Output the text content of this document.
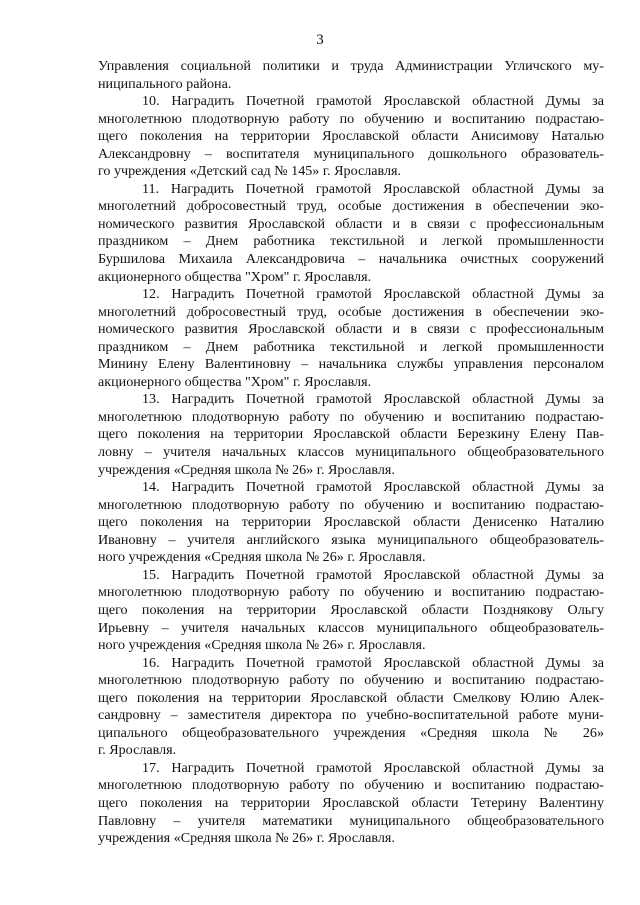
3

Управления социальной политики и труда Администрации Угличского му-
ниципального района.

10. Наградить Почетной грамотой Ярославской областной Думы за
многолетнюю плодотворную работу по обучению и воспитанию подрастаю-
щего поколения на территории Ярославской области Анисимову Наталью
Александровну – воспитателя муниципального дошкольного образователь-
го учреждения «Детский сад № 145» г. Ярославля.

11. Наградить Почетной грамотой Ярославской областной Думы за
многолетний добросовестный труд, особые достижения в обеспечении эко-
номического развития Ярославской области и в связи с профессиональным
праздником – Днем работника текстильной и легкой промышленности
Буршилова Михаила Александровича – начальника очистных сооружений
акционерного общества "Хром" г. Ярославля.

12. Наградить Почетной грамотой Ярославской областной Думы за
многолетний добросовестный труд, особые достижения в обеспечении эко-
номического развития Ярославской области и в связи с профессиональным
праздником – Днем работника текстильной и легкой промышленности
Минину Елену Валентиновну – начальника службы управления персоналом
акционерного общества "Хром" г. Ярославля.

13. Наградить Почетной грамотой Ярославской областной Думы за
многолетнюю плодотворную работу по обучению и воспитанию подрастаю-
щего поколения на территории Ярославской области Березкину Елену Пав-
ловну – учителя начальных классов муниципального общеобразовательного
учреждения «Средняя школа № 26» г. Ярославля.

14. Наградить Почетной грамотой Ярославской областной Думы за
многолетнюю плодотворную работу по обучению и воспитанию подрастаю-
щего поколения на территории Ярославской области Денисенко Наталию
Ивановну – учителя английского языка муниципального общеобразователь-
ного учреждения «Средняя школа № 26» г. Ярославля.

15. Наградить Почетной грамотой Ярославской областной Думы за
многолетнюю плодотворную работу по обучению и воспитанию подрастаю-
щего поколения на территории Ярославской области Позднякову Ольгу
Ирьевну – учителя начальных классов муниципального общеобразователь-
ного учреждения «Средняя школа № 26» г. Ярославля.

16. Наградить Почетной грамотой Ярославской областной Думы за
многолетнюю плодотворную работу по обучению и воспитанию подрастаю-
щего поколения на территории Ярославской области Смелкову Юлию Алек-
сандровну – заместителя директора по учебно-воспитательной работе муни-
ципального общеобразовательного учреждения «Средняя школа № 26»
г. Ярославля.

17. Наградить Почетной грамотой Ярославской областной Думы за
многолетнюю плодотворную работу по обучению и воспитанию подрастаю-
щего поколения на территории Ярославской области Тетерину Валентину
Павловну – учителя математики муниципального общеобразовательного
учреждения «Средняя школа № 26» г. Ярославля.
